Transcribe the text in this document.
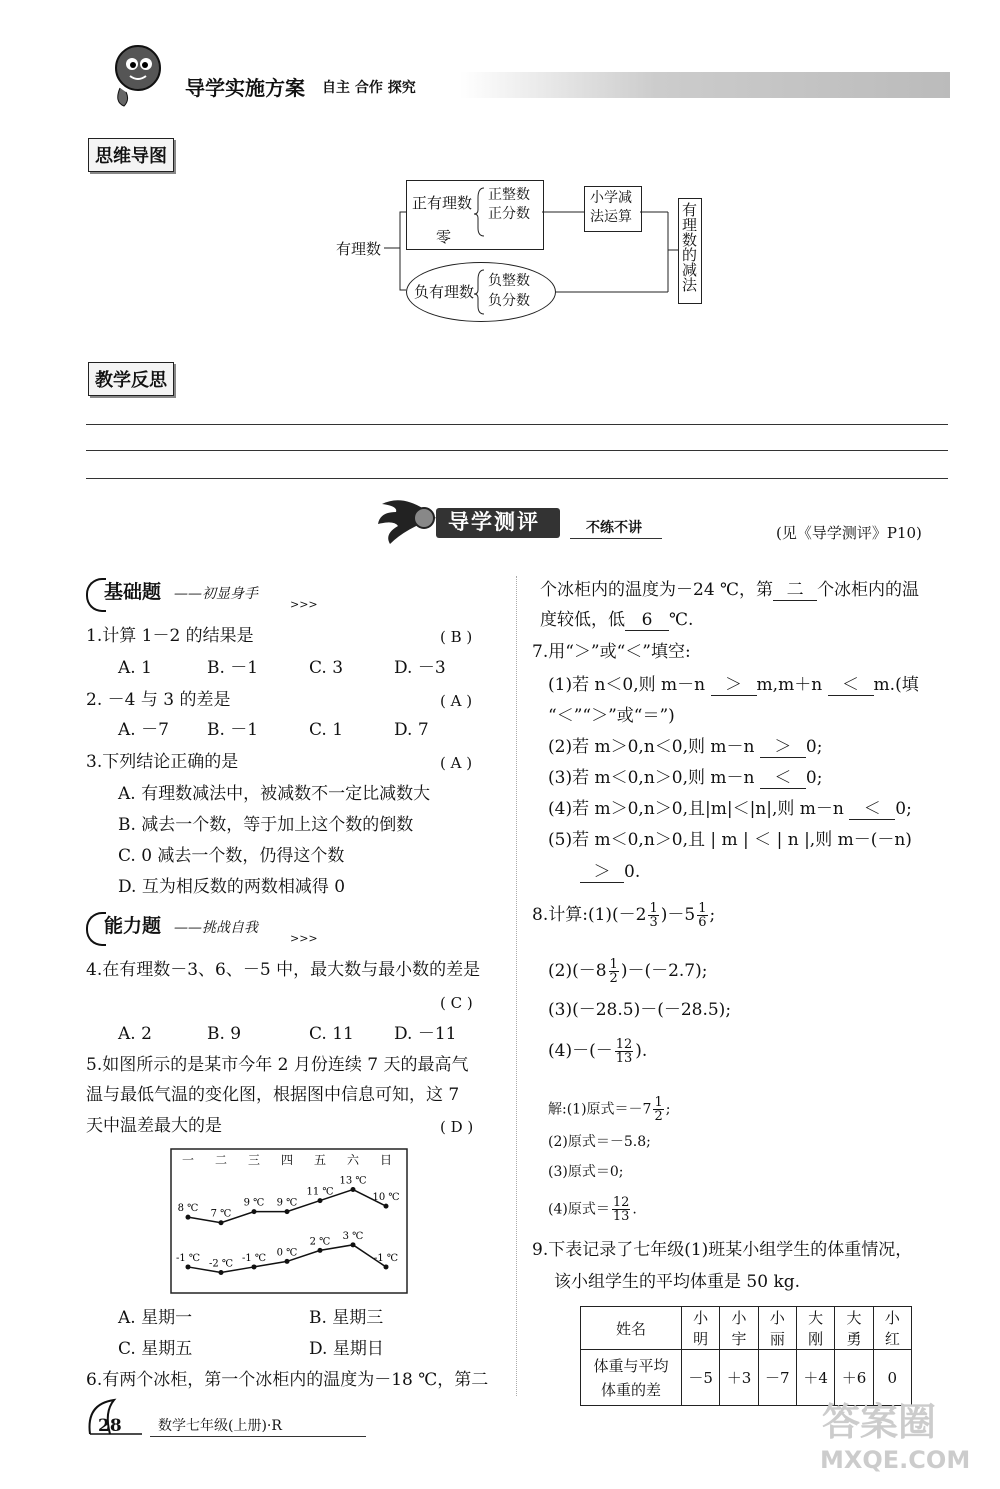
导学实施方案 自主 合作 探究
思维导图
有理数
正有理数 正整数
正分数
零
负有理数
负整数
负分数
小学减
法运算	有理数的减法
教学反思
导学测评	不练不讲	(见《导学测评》P10)
基础题 ——初显身手
>>>
1.计算 1－2 的结果是	( B )
A. 1	B. －1	C. 3	D. －3
2. －4 与 3 的差是	( A )
A. －7 B. －1	C. 1	D. 7
3.下列结论正确的是	( A )
A. 有理数减法中，被减数不一定比减数大
B. 减去一个数，等于加上这个数的倒数
C. 0 减去一个数，仍得这个数
D. 互为相反数的两数相减得 0
能力题 ——挑战自我
>>>
4.在有理数－3、6、－5 中，最大数与最小数的差是
( C )
A. 2	B. 9	C. 11 D. －11
5.如图所示的是某市今年 2 月份连续 7 天的最高气
温与最低气温的变化图，根据图中信息可知，这 7
天中温差最大的是	( D )
一 二 三 四 五 六 日
8 ℃
7 ℃
9 ℃ 9 ℃
11 ℃
13 ℃
10 ℃
-1 ℃
-2 ℃
-1 ℃
0 ℃
2 ℃
3 ℃
-1 ℃
A. 星期一	B. 星期三
C. 星期五	D. 星期日
6.有两个冰柜，第一个冰柜内的温度为－18 ℃，第二
个冰柜内的温度为－24 ℃，第 二 个冰柜内的温
度较低，低 6 ℃.
7.用“＞”或“＜”填空:
(1)若 n＜0,则 m－n ＞ m,m＋n ＜ m.(填
“＜”“＞”或“＝”)
(2)若 m＞0,n＜0,则 m－n ＞ 0;
(3)若 m＜0,n＞0,则 m－n ＜ 0;
(4)若 m＞0,n＞0,且|m|＜|n|,则 m－n ＜ 0;
(5)若 m＜0,n＞0,且 | m | ＜ | n |,则 m－(－n)
＞ 0.
8.计算:(1)(－2 $\frac{1}{3} )-5 \frac{1}{6}$ ;
$(2)(-8 \frac{1}{2} )-(-2.7)$;
(3)(－28.5)－(－28.5);
$(4)-(- \frac{12}{13}$ ).
解:(1)原式$=-7 \frac{1}{2}$ ;
(2)原式＝－5.8;
(3)原式＝0;
(4)原式＝ $\frac{12}{13}$ .
9.下表记录了七年级(1)班某小组学生的体重情况，
该小组学生的平均体重是 50 kg.
姓名	小明	小宇	小丽	大刚	大勇	小红
体重与平均
体重的差	－5	＋3	－7	＋4	＋6	0
28	数学七年级(上册)·R	答案圈
MXQE.COM
